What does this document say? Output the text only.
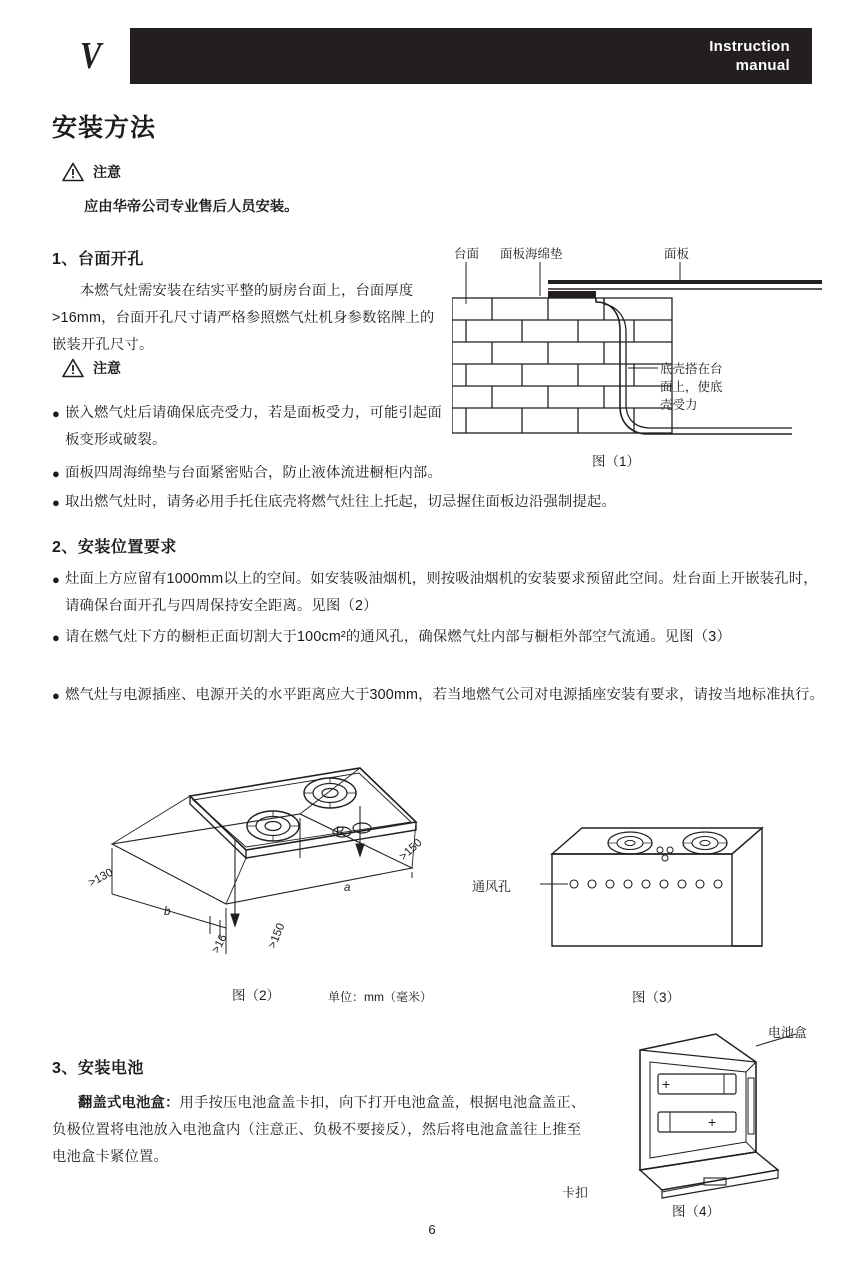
V	Instruction
manual
安装方法
注意
应由华帝公司专业售后人员安装。
1、台面开孔
本燃气灶需安装在结实平整的厨房台面上，台面厚度>16mm，台面开孔尺寸请严格参照燃气灶机身参数铭牌上的嵌装开孔尺寸。
注意
● 嵌入燃气灶后请确保底壳受力，若是面板受力，可能引起面板变形或破裂。
● 面板四周海绵垫与台面紧密贴合，防止液体流进橱柜内部。
● 取出燃气灶时，请务必用手托住底壳将燃气灶往上托起，切忌握住面板边沿强制提起。
台面 面板海绵垫	面板
底壳搭在台
面上，使底
壳受力
图（1）
2、安装位置要求
● 灶面上方应留有1000mm以上的空间。如安装吸油烟机，则按吸油烟机的安装要求预留此空间。灶台面上开嵌装孔时，请确保台面开孔与四周保持安全距离。见图（2）
● 请在燃气灶下方的橱柜正面切割大于100cm²的通风孔，确保燃气灶内部与橱柜外部空气流通。见图（3）
● 燃气灶与电源插座、电源开关的水平距离应大于300mm，若当地燃气公司对电源插座安装有要求，请按当地标准执行。
>130
>150
>150
>16
a
b
R
图（2）	单位：mm（毫米）
通风孔
图（3）
3、安装电池
翻盖式电池盒：用手按压电池盒盖卡扣，向下打开电池盒盖，根据电池盒盖正、负极位置将电池放入电池盒内（注意正、负极不要接反），然后将电池盒盖往上推至电池盒卡紧位置。
电池盒
卡扣
+
+
图（4）
6
